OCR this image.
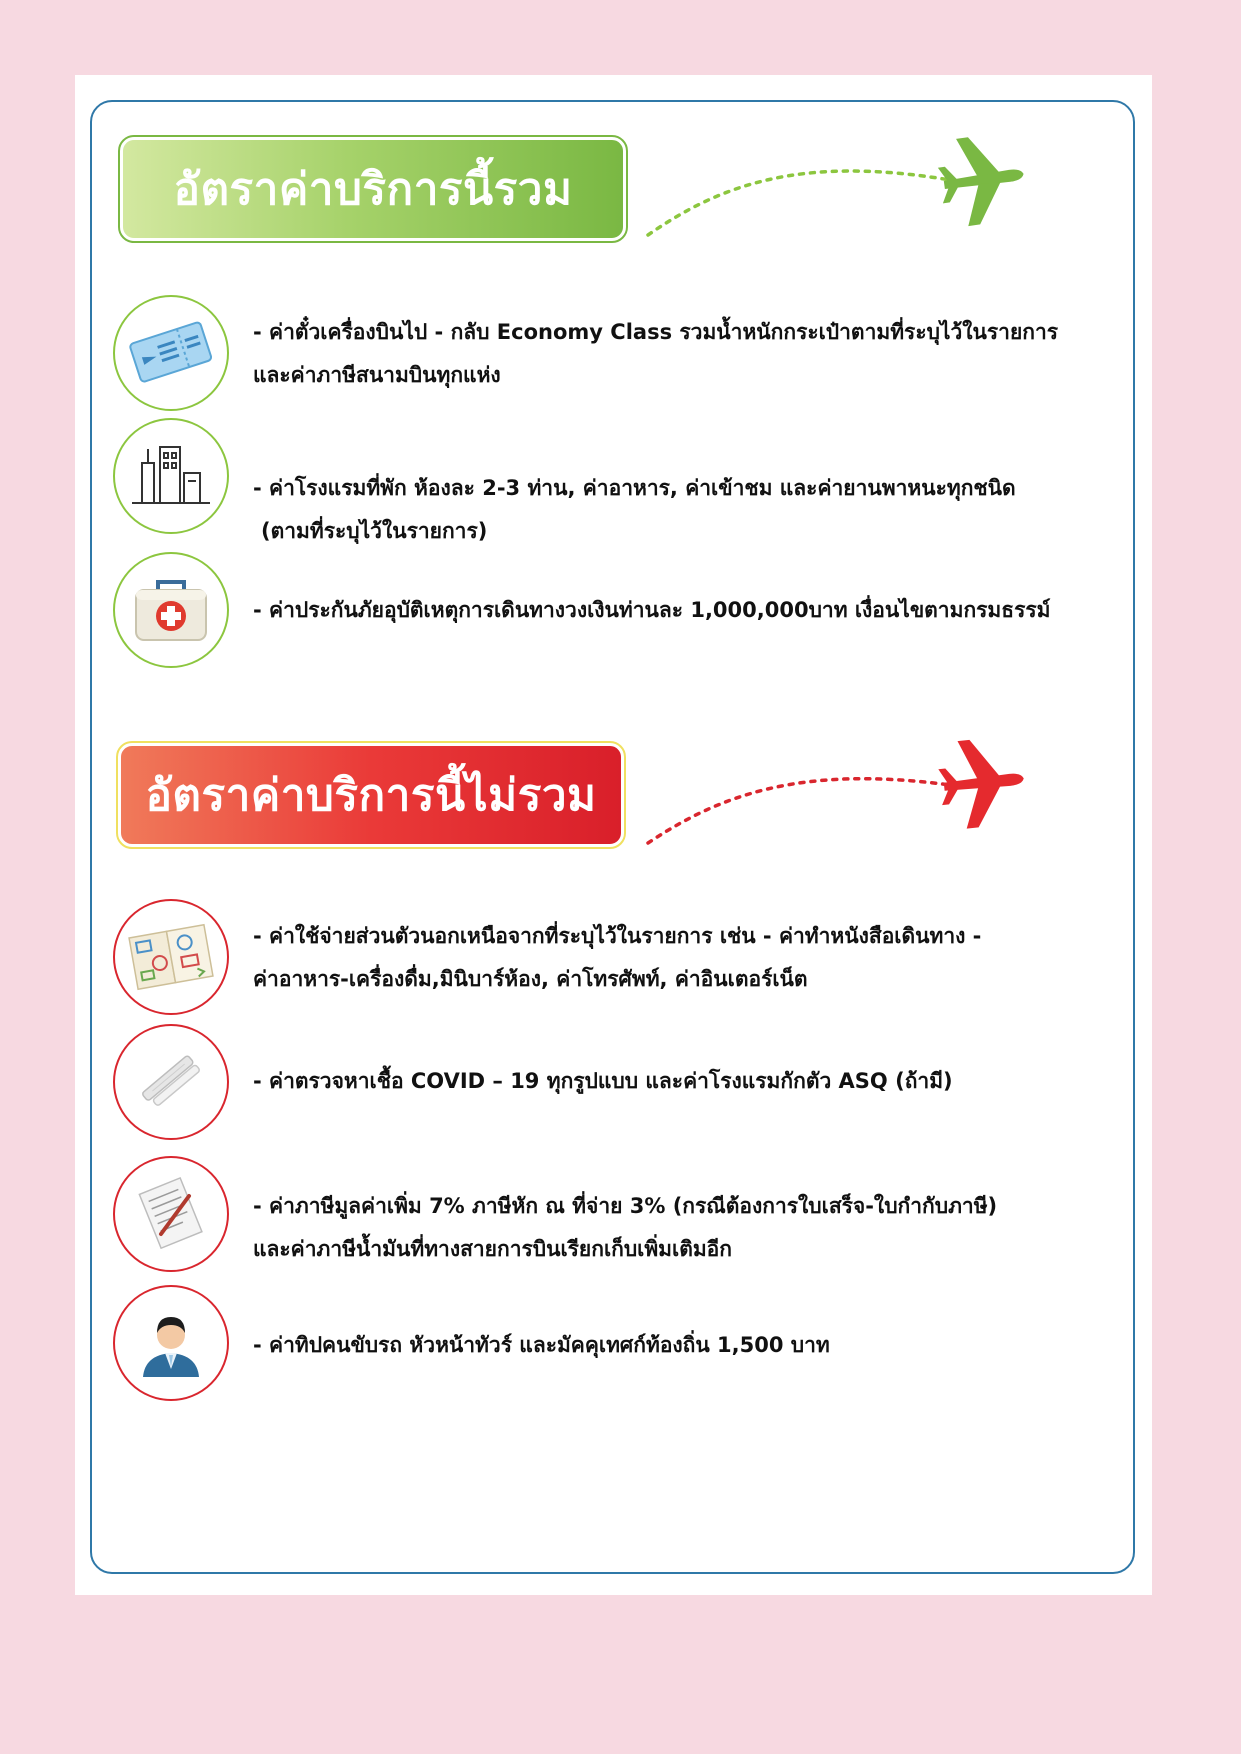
อัตราค่าบริการนี้รวม
- ค่าตั๋วเครื่องบินไป - กลับ Economy Class รวมน้ำหนักกระเป๋าตามที่ระบุไว้ในรายการ
และค่าภาษีสนามบินทุกแห่ง
- ค่าโรงแรมที่พัก ห้องละ 2-3 ท่าน, ค่าอาหาร, ค่าเข้าชม และค่ายานพาหนะทุกชนิด
(ตามที่ระบุไว้ในรายการ)
- ค่าประกันภัยอุบัติเหตุการเดินทางวงเงินท่านละ 1,000,000บาท เงื่อนไขตามกรมธรรม์
อัตราค่าบริการนี้ไม่รวม
- ค่าใช้จ่ายส่วนตัวนอกเหนือจากที่ระบุไว้ในรายการ เช่น - ค่าทำหนังสือเดินทาง -
ค่าอาหาร-เครื่องดื่ม,มินิบาร์ห้อง, ค่าโทรศัพท์, ค่าอินเตอร์เน็ต
- ค่าตรวจหาเชื้อ COVID – 19 ทุกรูปแบบ และค่าโรงแรมกักตัว ASQ (ถ้ามี)
- ค่าภาษีมูลค่าเพิ่ม 7% ภาษีหัก ณ ที่จ่าย 3% (กรณีต้องการใบเสร็จ-ใบกำกับภาษี)
และค่าภาษีน้ำมันที่ทางสายการบินเรียกเก็บเพิ่มเติมอีก
- ค่าทิปคนขับรถ หัวหน้าทัวร์ และมัคคุเทศก์ท้องถิ่น 1,500 บาท
